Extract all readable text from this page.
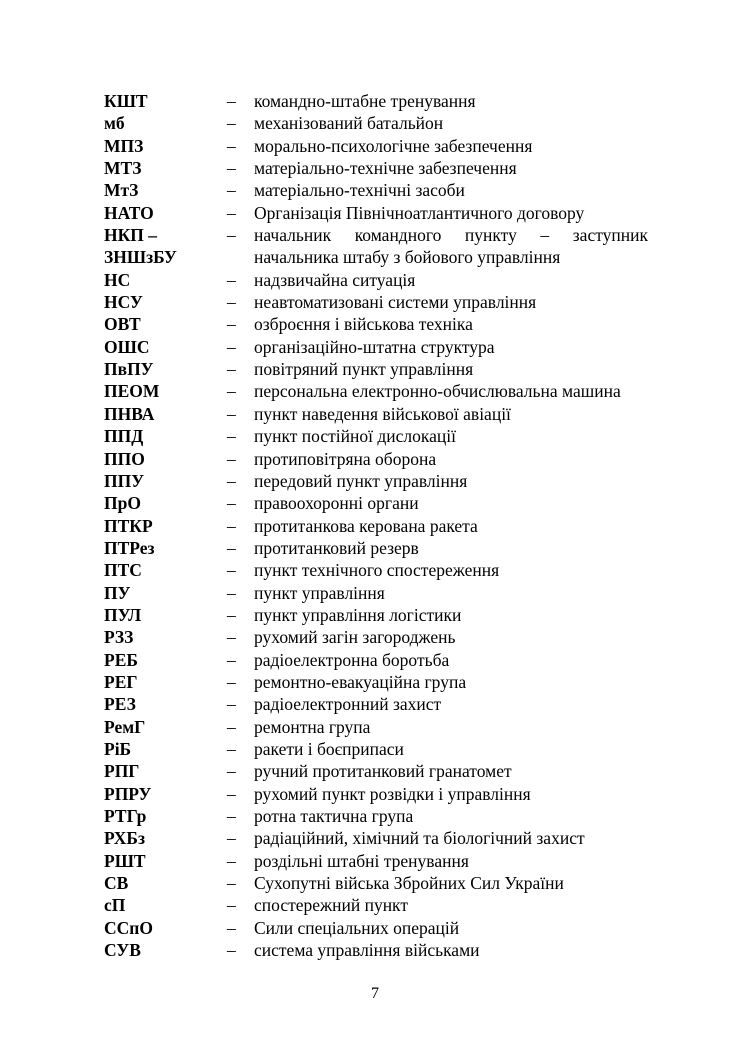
КШТ	– командно-штабне тренування
мб	– механізований батальйон
МПЗ	– морально-психологічне забезпечення
МТЗ	– матеріально-технічне забезпечення
МтЗ	– матеріально-технічні засоби
НАТО	– Організація Північноатлантичного договору
НКП –	– начальник командного пункту – заступник
ЗНШзБУ	начальника штабу з бойового управління
НС	– надзвичайна ситуація
НСУ	– неавтоматизовані системи управління
ОВТ	– озброєння і військова техніка
ОШС	– організаційно-штатна структура
ПвПУ	– повітряний пункт управління
ПЕОМ	– персональна електронно-обчислювальна машина
ПНВА	– пункт наведення військової авіації
ППД	– пункт постійної дислокації
ППО	– протиповітряна оборона
ППУ	– передовий пункт управління
ПрО	– правоохоронні органи
ПТКР	– протитанкова керована ракета
ПТРез	– протитанковий резерв
ПТС	– пункт технічного спостереження
ПУ	– пункт управління
ПУЛ	– пункт управління логістики
РЗЗ	– рухомий загін загороджень
РЕБ	– радіоелектронна боротьба
РЕГ	– ремонтно-евакуаційна група
РЕЗ	– радіоелектронний захист
РемГ	– ремонтна група
РіБ	– ракети і боєприпаси
РПГ	– ручний протитанковий гранатомет
РПРУ	– рухомий пункт розвідки і управління
РТГр	– ротна тактична група
РХБз	– радіаційний, хімічний та біологічний захист
РШТ	– роздільні штабні тренування
СВ	– Сухопутні війська Збройних Сил України
сП	– спостережний пункт
ССпО	– Сили спеціальних операцій
СУВ	– система управління військами
7
